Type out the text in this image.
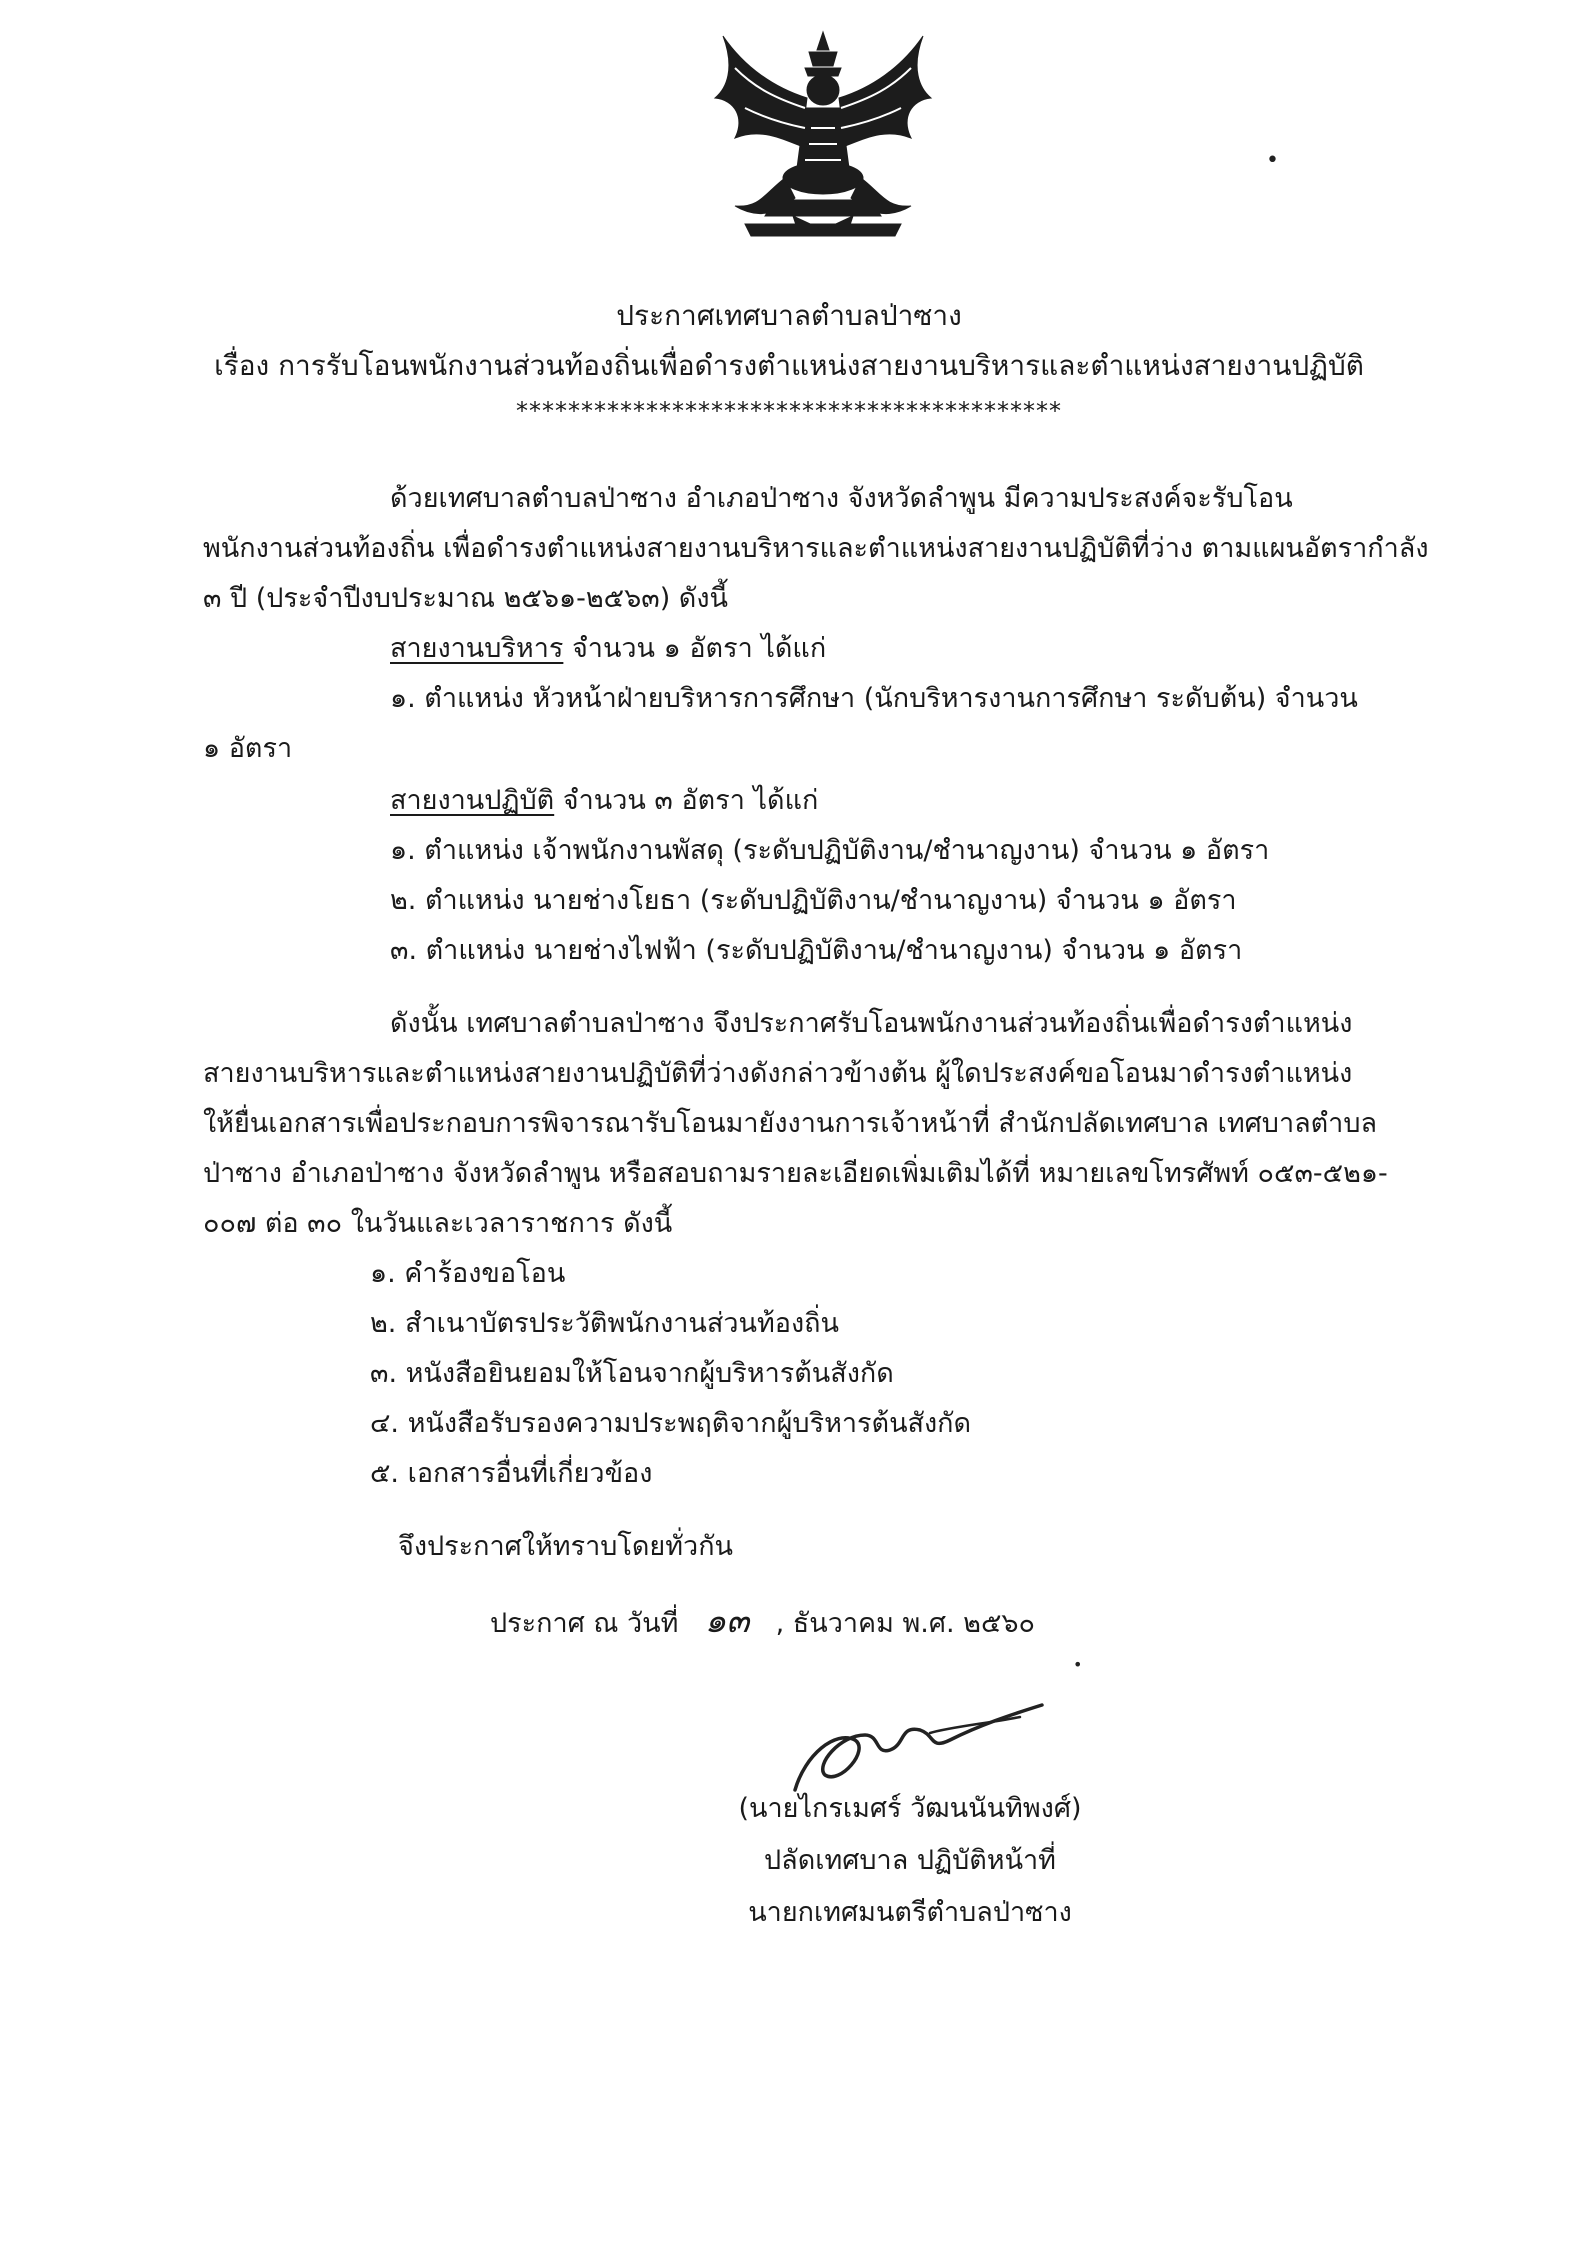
•
•
ประกาศเทศบาลตำบลป่าซาง
เรื่อง การรับโอนพนักงานส่วนท้องถิ่นเพื่อดำรงตำแหน่งสายงานบริหารและตำแหน่งสายงานปฏิบัติ
******************************************
ด้วยเทศบาลตำบลป่าซาง อำเภอป่าซาง จังหวัดลำพูน มีความประสงค์จะรับโอน
พนักงานส่วนท้องถิ่น เพื่อดำรงตำแหน่งสายงานบริหารและตำแหน่งสายงานปฏิบัติที่ว่าง ตามแผนอัตรากำลัง
๓ ปี (ประจำปีงบประมาณ ๒๕๖๑-๒๕๖๓) ดังนี้
สายงานบริหาร จำนวน ๑ อัตรา ได้แก่
๑. ตำแหน่ง หัวหน้าฝ่ายบริหารการศึกษา (นักบริหารงานการศึกษา ระดับต้น) จำนวน
๑ อัตรา
สายงานปฏิบัติ จำนวน ๓ อัตรา ได้แก่
๑. ตำแหน่ง เจ้าพนักงานพัสดุ (ระดับปฏิบัติงาน/ชำนาญงาน) จำนวน ๑ อัตรา
๒. ตำแหน่ง นายช่างโยธา (ระดับปฏิบัติงาน/ชำนาญงาน) จำนวน ๑ อัตรา
๓. ตำแหน่ง นายช่างไฟฟ้า (ระดับปฏิบัติงาน/ชำนาญงาน) จำนวน ๑ อัตรา
ดังนั้น เทศบาลตำบลป่าซาง จึงประกาศรับโอนพนักงานส่วนท้องถิ่นเพื่อดำรงตำแหน่ง
สายงานบริหารและตำแหน่งสายงานปฏิบัติที่ว่างดังกล่าวข้างต้น ผู้ใดประสงค์ขอโอนมาดำรงตำแหน่ง
ให้ยื่นเอกสารเพื่อประกอบการพิจารณารับโอนมายังงานการเจ้าหน้าที่ สำนักปลัดเทศบาล เทศบาลตำบล
ป่าซาง อำเภอป่าซาง จังหวัดลำพูน หรือสอบถามรายละเอียดเพิ่มเติมได้ที่ หมายเลขโทรศัพท์ ๐๕๓-๕๒๑-
๐๐๗ ต่อ ๓๐ ในวันและเวลาราชการ ดังนี้
๑. คำร้องขอโอน
๒. สำเนาบัตรประวัติพนักงานส่วนท้องถิ่น
๓. หนังสือยินยอมให้โอนจากผู้บริหารต้นสังกัด
๔. หนังสือรับรองความประพฤติจากผู้บริหารต้นสังกัด
๕. เอกสารอื่นที่เกี่ยวข้อง
จึงประกาศให้ทราบโดยทั่วกัน
ประกาศ ณ วันที่ ๑๓ , ธันวาคม พ.ศ. ๒๕๖๐
(นายไกรเมศร์ วัฒนนันทิพงศ์)
ปลัดเทศบาล ปฏิบัติหน้าที่
นายกเทศมนตรีตำบลป่าซาง
